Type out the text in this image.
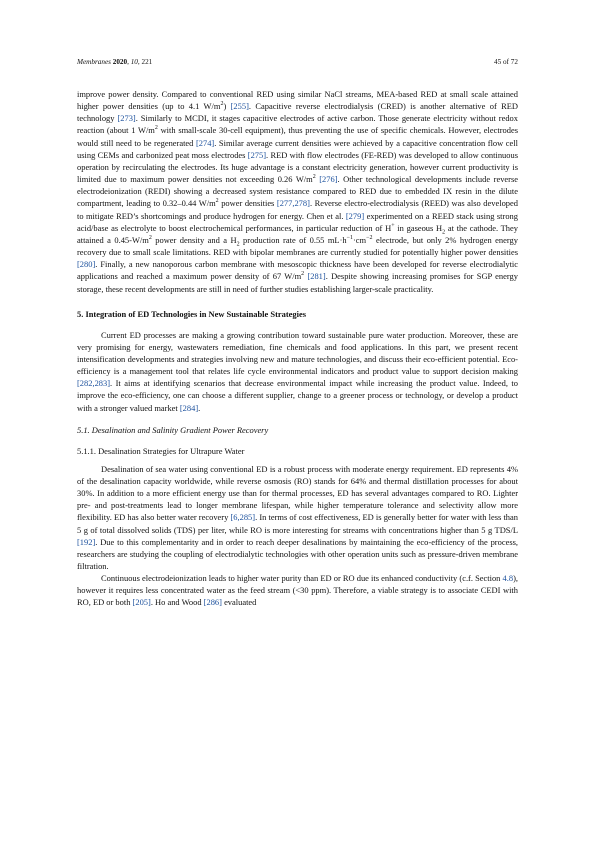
Membranes 2020, 10, 221	45 of 72

improve power density. Compared to conventional RED using similar NaCl streams, MEA-based RED at small scale attained higher power densities (up to 4.1 $W/m^2$) [255]. Capacitive reverse electrodialysis (CRED) is another alternative of RED technology [273]. Similarly to MCDI, it stages capacitive electrodes of active carbon. Those generate electricity without redox reaction (about 1 $W/m^2$ with small-scale 30-cell equipment), thus preventing the use of specific chemicals. However, electrodes would still need to be regenerated [274]. Similar average current densities were achieved by a capacitive concentration flow cell using CEMs and carbonized peat moss electrodes [275]. RED with flow electrodes (FE-RED) was developed to allow continuous operation by recirculating the electrodes. Its huge advantage is a constant electricity generation, however current productivity is limited due to maximum power densities not exceeding 0.26 $W/m^2$ [276]. Other technological developments include reverse electrodeionization (REDI) showing a decreased system resistance compared to RED due to embedded IX resin in the dilute compartment, leading to 0.32–0.44 $W/m^2$ power densities [277,278]. Reverse electro-electrodialysis (REED) was also developed to mitigate RED’s shortcomings and produce hydrogen for energy. Chen et al. [279] experimented on a REED stack using strong acid/base as electrolyte to boost electrochemical performances, in particular reduction of H+ in gaseous $H_2$ at the cathode. They attained a $0.45-W/m^2$ power density and a $H_2$ production rate of 0.55 $mL\cdot h^{-1}\cdot cm^{-2}$ electrode, but only 2% hydrogen energy recovery due to small scale limitations. RED with bipolar membranes are currently studied for potentially higher power densities [280]. Finally, a new nanoporous carbon membrane with mesoscopic thickness have been developed for reverse electrodialytic applications and reached a maximum power density of 67 $W/m^2$ [281]. Despite showing increasing promises for SGP energy storage, these recent developments are still in need of further studies establishing larger-scale practicality.

5. Integration of ED Technologies in New Sustainable Strategies

Current ED processes are making a growing contribution toward sustainable pure water production. Moreover, these are very promising for energy, wastewaters remediation, fine chemicals and food applications. In this part, we present recent intensification developments and strategies involving new and mature technologies, and discuss their eco-efficient potential. Eco-efficiency is a management tool that relates life cycle environmental indicators and product value to support decision making [282,283]. It aims at identifying scenarios that decrease environmental impact while increasing the product value. Indeed, to improve the eco-efficiency, one can choose a different supplier, change to a greener process or technology, or develop a product with a stronger valued market [284].

5.1. Desalination and Salinity Gradient Power Recovery
5.1.1. Desalination Strategies for Ultrapure Water

Desalination of sea water using conventional ED is a robust process with moderate energy requirement. ED represents 4% of the desalination capacity worldwide, while reverse osmosis (RO) stands for 64% and thermal distillation processes for about 30%. In addition to a more efficient energy use than for thermal processes, ED has several advantages compared to RO. Lighter pre- and post-treatments lead to longer membrane lifespan, while higher temperature tolerance and selectivity allow more flexibility. ED has also better water recovery [6,285]. In terms of cost effectiveness, ED is generally better for water with less than 5 g of total dissolved solids (TDS) per liter, while RO is more interesting for streams with concentrations higher than 5 g TDS/L [192]. Due to this complementarity and in order to reach deeper desalinations by maintaining the eco-efficiency of the process, researchers are studying the coupling of electrodialytic technologies with other operation units such as pressure-driven membrane filtration.

Continuous electrodeionization leads to higher water purity than ED or RO due its enhanced conductivity (c.f. Section 4.8), however it requires less concentrated water as the feed stream (<30 ppm). Therefore, a viable strategy is to associate CEDI with RO, ED or both [205]. Ho and Wood [286] evaluated
